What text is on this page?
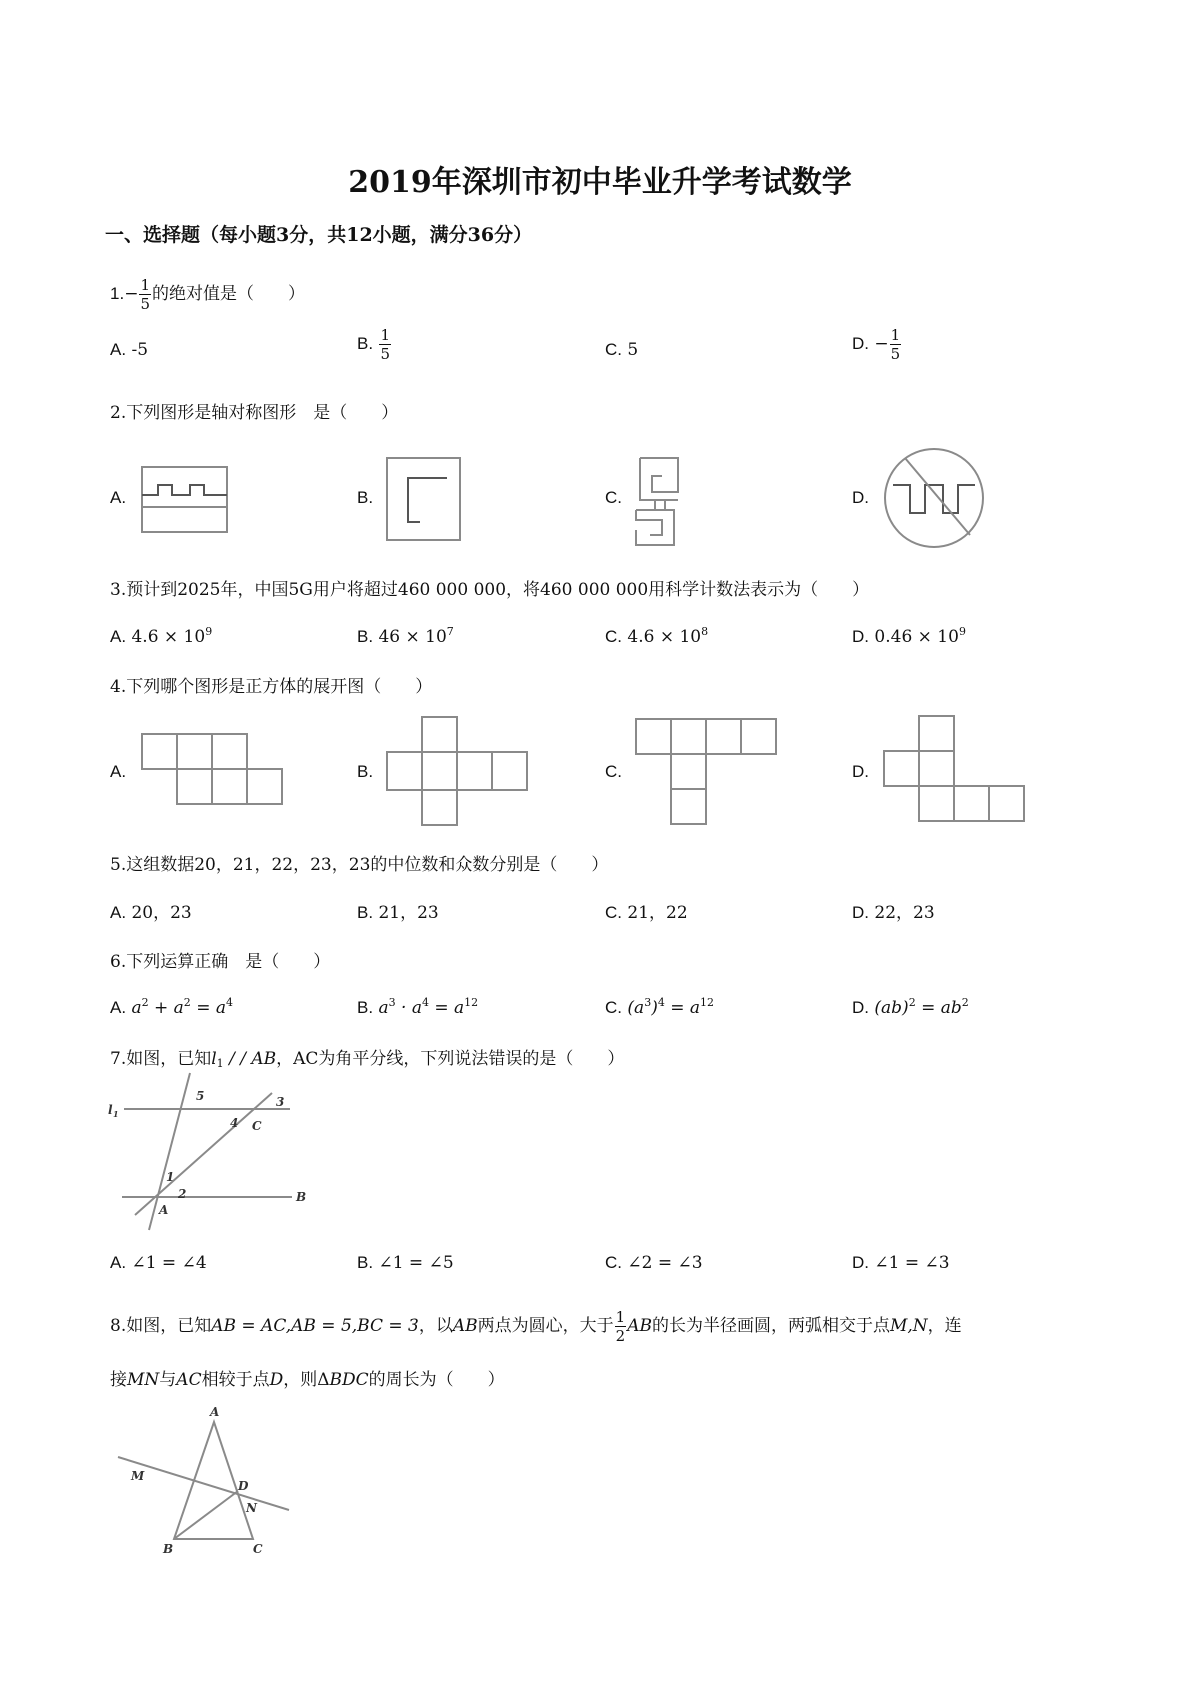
2019年深圳市初中毕业升学考试数学
一、选择题（每小题3分，共12小题，满分36分）
$1.- \frac{1}{5}$ 的绝对值是（　　）
A. -5	B. $\frac{1}{5}$	C. 5	D. − $\frac{1}{5}$
2.下列图形是轴对称图形　是（　　）
A.	B.	C.	D.
3.预计到2025年，中国5G用户将超过460 000 000，将460 000 000用科学计数法表示为（　　）
A. $4.6 \times 10^9$	B. $46 \times 10^7$	C. $4.6 \times 10^8$	D. $0.46 \times 10^9$
4.下列哪个图形是正方体的展开图（　　）
A.	B.	C.	D.
5.这组数据20，21，22，23，23的中位数和众数分别是（　　）
A. 20，23	B. 21，23	C. 21，22	D. 22，23
6.下列运算正确　是（　　）
A. $a^2 + a^2 = a^4$	B. $a^3 \cdot a^4 = a^{12}$	C. $(a^3)^4 = a^{12}$	D. $(ab)^2 = ab^2$
7.如图，已知$l_1$ / / AB，AC为角平分线，下列说法错误的是（　　）
l 1
5	3
4 C
1
2
A
B
A. ∠1 = ∠4	B. ∠1 = ∠5	C. ∠2 = ∠3	D. ∠1 = ∠3
8.如图，已知AB = AC,AB = 5,BC = 3，以AB两点为圆心，大于 $\frac{1}{2}$ AB的长为半径画圆，两弧相交于点M,N，连
接MN与AC相较于点D，则ΔBDC的周长为（　　）
A
M
D
N
B	C
